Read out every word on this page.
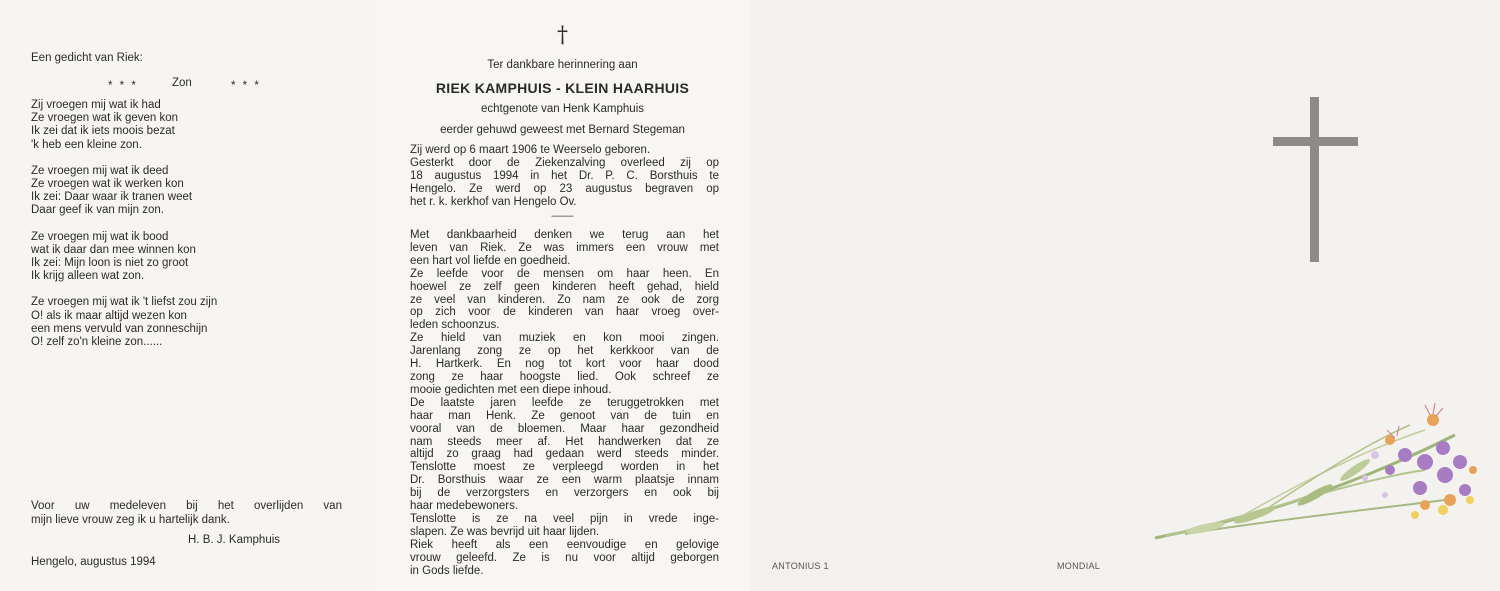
Een gedicht van Riek:
* * *	Zon	* * *
Zij vroegen mij wat ik had
Ze vroegen wat ik geven kon
Ik zei dat ik iets moois bezat
'k heb een kleine zon.
Ze vroegen mij wat ik deed
Ze vroegen wat ik werken kon
Ik zei: Daar waar ik tranen weet
Daar geef ik van mijn zon.
Ze vroegen mij wat ik bood
wat ik daar dan mee winnen kon
Ik zei: Mijn loon is niet zo groot
Ik krijg alleen wat zon.
Ze vroegen mij wat ik 't liefst zou zijn
O! als ik maar altijd wezen kon
een mens vervuld van zonneschijn
O! zelf zo'n kleine zon......
Voor uw medeleven bij het overlijden van
mijn lieve vrouw zeg ik u hartelijk dank.
H. B. J. Kamphuis
Hengelo, augustus 1994
†
Ter dankbare herinnering aan
RIEK KAMPHUIS - KLEIN HAARHUIS
echtgenote van Henk Kamphuis
eerder gehuwd geweest met Bernard Stegeman
Zij werd op 6 maart 1906 te Weerselo geboren.
Gesterkt door de Ziekenzalving overleed zij op
18 augustus 1994 in het Dr. P. C. Borsthuis te
Hengelo. Ze werd op 23 augustus begraven op
het r. k. kerkhof van Hengelo Ov.
——
Met dankbaarheid denken we terug aan het
leven van Riek. Ze was immers een vrouw met
een hart vol liefde en goedheid.
Ze leefde voor de mensen om haar heen. En
hoewel ze zelf geen kinderen heeft gehad, hield
ze veel van kinderen. Zo nam ze ook de zorg
op zich voor de kinderen van haar vroeg over-
leden schoonzus.
Ze hield van muziek en kon mooi zingen.
Jarenlang zong ze op het kerkkoor van de
H. Hartkerk. En nog tot kort voor haar dood
zong ze haar hoogste lied. Ook schreef ze
mooie gedichten met een diepe inhoud.
De laatste jaren leefde ze teruggetrokken met
haar man Henk. Ze genoot van de tuin en
vooral van de bloemen. Maar haar gezondheid
nam steeds meer af. Het handwerken dat ze
altijd zo graag had gedaan werd steeds minder.
Tenslotte moest ze verpleegd worden in het
Dr. Borsthuis waar ze een warm plaatsje innam
bij de verzorgsters en verzorgers en ook bij
haar medebewoners.
Tenslotte is ze na veel pijn in vrede inge-
slapen. Ze was bevrijd uit haar lijden.
Riek heeft als een eenvoudige en gelovige
vrouw geleefd. Ze is nu voor altijd geborgen
in Gods liefde.	ANTONIUS 1	MONDIAL
